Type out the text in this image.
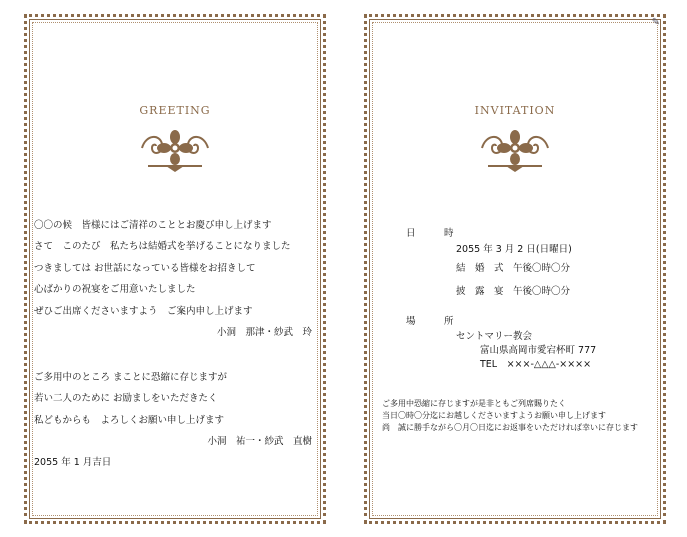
GREETING
〇〇の候　皆様にはご清祥のこととお慶び申し上げます
さて　このたび　私たちは結婚式を挙げることになりました
つきましては お世話になっている皆様をお招きして
心ばかりの祝宴をご用意いたしました
ぜひご出席くださいますよう　ご案内申し上げます
小洞　那津・紗武　玲
ご多用中のところ まことに恐縮に存じますが
若い二人のために お励ましをいただきたく
私どもからも　よろしくお願い申し上げます
小洞　祐一・紗武　直樹
2055 年 1 月吉日
✎
INVITATION
日　　　時
2055 年 3 月 2 日(日曜日)
結　婚　式　午後〇時〇分
披　露　宴　午後〇時〇分
場　　　所
セントマリー教会
富山県高岡市愛宕杯町 777
TEL　×××-△△△-××××
ご多用中恐縮に存じますが是非ともご列席賜りたく
当日〇時〇分迄にお越しくださいますようお願い申し上げます
尚　誠に勝手ながら〇月〇日迄にお返事をいただければ幸いに存じます
